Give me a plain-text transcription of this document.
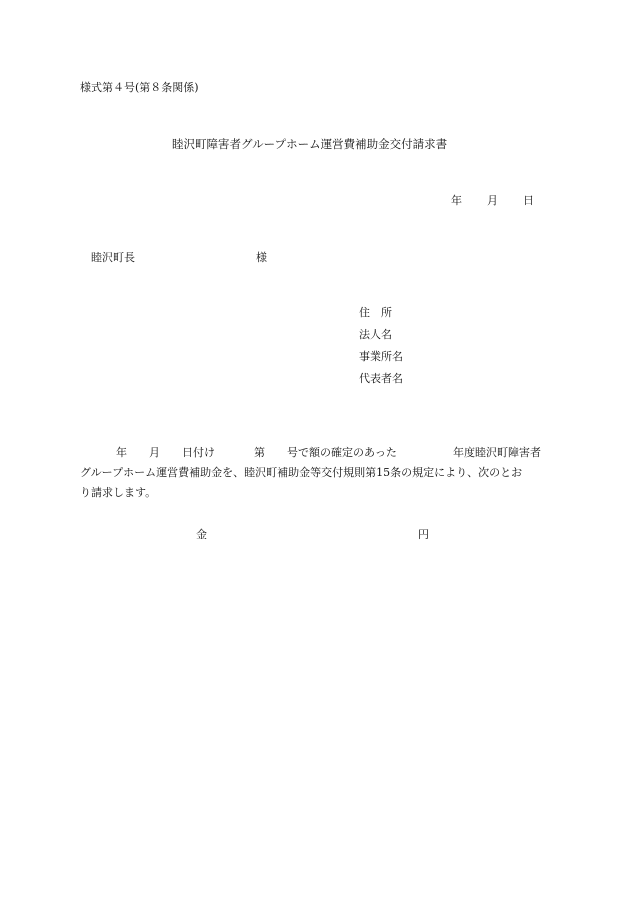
様式第４号(第８条関係)
睦沢町障害者グループホーム運営費補助金交付請求書
年 月 日
睦沢町長	様
住　所
法人名
事業所名
代表者名
年 月 日付け	第 号で額の確定のあった	年度睦沢町障害者
グループホーム運営費補助金を、睦沢町補助金等交付規則第15条の規定により、次のとお
り請求します。
金	円
